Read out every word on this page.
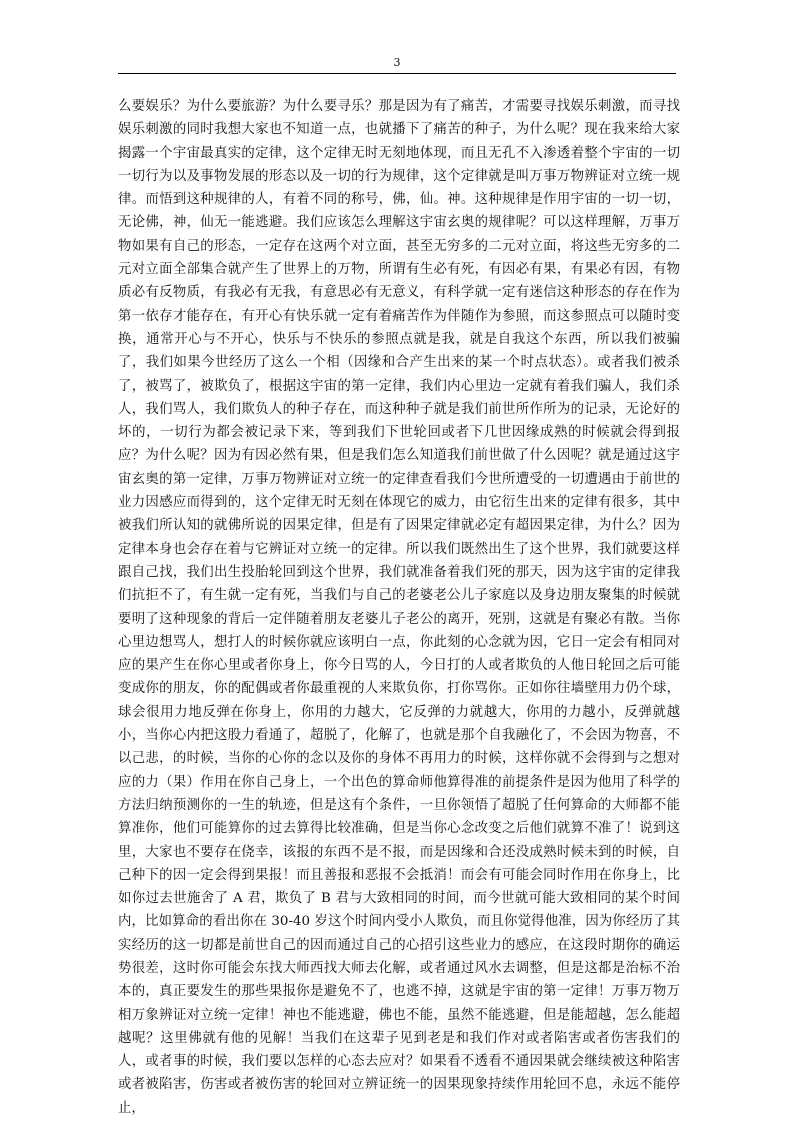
3

么要娱乐？为什么要旅游？为什么要寻乐？那是因为有了痛苦，才需要寻找娱乐刺激，而寻找娱乐刺激的同时我想大家也不知道一点，也就播下了痛苦的种子，为什么呢？现在我来给大家揭露一个宇宙最真实的定律，这个定律无时无刻地体现，而且无孔不入渗透着整个宇宙的一切一切行为以及事物发展的形态以及一切的行为规律，这个定律就是叫万事万物辨证对立统一规律。而悟到这种规律的人，有着不同的称号，佛，仙。神。这种规律是作用宇宙的一切一切，无论佛，神，仙无一能逃避。我们应该怎么理解这宇宙玄奥的规律呢？可以这样理解，万事万物如果有自己的形态，一定存在这两个对立面，甚至无穷多的二元对立面，将这些无穷多的二元对立面全部集合就产生了世界上的万物，所谓有生必有死，有因必有果，有果必有因，有物质必有反物质，有我必有无我，有意思必有无意义，有科学就一定有迷信这种形态的存在作为第一依存才能存在，有开心有快乐就一定有着痛苦作为伴随作为参照，而这参照点可以随时变换，通常开心与不开心，快乐与不快乐的参照点就是我，就是自我这个东西，所以我们被骗了，我们如果今世经历了这么一个相（因缘和合产生出来的某一个时点状态）。或者我们被杀了，被骂了，被欺负了，根据这宇宙的第一定律，我们内心里边一定就有着我们骗人，我们杀人，我们骂人，我们欺负人的种子存在，而这种种子就是我们前世所作所为的记录，无论好的坏的，一切行为都会被记录下来，等到我们下世轮回或者下几世因缘成熟的时候就会得到报应？为什么呢？因为有因必然有果，但是我们怎么知道我们前世做了什么因呢？就是通过这宇宙玄奥的第一定律，万事万物辨证对立统一的定律查看我们今世所遭受的一切遭遇由于前世的业力因感应而得到的，这个定律无时无刻在体现它的威力，由它衍生出来的定律有很多，其中被我们所认知的就佛所说的因果定律，但是有了因果定律就必定有超因果定律，为什么？因为定律本身也会存在着与它辨证对立统一的定律。所以我们既然出生了这个世界，我们就要这样跟自己找，我们出生投胎轮回到这个世界，我们就准备着我们死的那天，因为这宇宙的定律我们抗拒不了，有生就一定有死，当我们与自己的老婆老公儿子家庭以及身边朋友聚集的时候就要明了这种现象的背后一定伴随着朋友老婆儿子老公的离开，死别，这就是有聚必有散。当你心里边想骂人，想打人的时候你就应该明白一点，你此刻的心念就为因，它日一定会有相同对应的果产生在你心里或者你身上，你今日骂的人，今日打的人或者欺负的人他日轮回之后可能变成你的朋友，你的配偶或者你最重视的人来欺负你，打你骂你。正如你往墙壁用力仍个球，球会很用力地反弹在你身上，你用的力越大，它反弹的力就越大，你用的力越小，反弹就越小，当你心内把这股力看通了，超脱了，化解了，也就是那个自我融化了，不会因为物喜，不以己悲，的时候，当你的心你的念以及你的身体不再用力的时候，这样你就不会得到与之想对应的力（果）作用在你自己身上，一个出色的算命师他算得准的前提条件是因为他用了科学的方法归纳预测你的一生的轨迹，但是这有个条件，一旦你领悟了超脱了任何算命的大师都不能算准你，他们可能算你的过去算得比较准确，但是当你心念改变之后他们就算不准了！说到这里，大家也不要存在侥幸，该报的东西不是不报，而是因缘和合还没成熟时候未到的时候，自己种下的因一定会得到果报！而且善报和恶报不会抵消！而会有可能会同时作用在你身上，比如你过去世施舍了 A 君，欺负了 B 君与大致相同的时间，而今世就可能大致相同的某个时间内，比如算命的看出你在 30-40 岁这个时间内受小人欺负，而且你觉得他准，因为你经历了其实经历的这一切都是前世自己的因而通过自己的心招引这些业力的感应，在这段时期你的确运势很差，这时你可能会东找大师西找大师去化解，或者通过风水去调整，但是这都是治标不治本的，真正要发生的那些果报你是避免不了，也逃不掉，这就是宇宙的第一定律！万事万物万相万象辨证对立统一定律！神也不能逃避，佛也不能，虽然不能逃避，但是能超越，怎么能超越呢？这里佛就有他的见解！当我们在这辈子见到老是和我们作对或者陷害或者伤害我们的人，或者事的时候，我们要以怎样的心态去应对？如果看不透看不通因果就会继续被这种陷害或者被陷害，伤害或者被伤害的轮回对立辨证统一的因果现象持续作用轮回不息，永远不能停止，
